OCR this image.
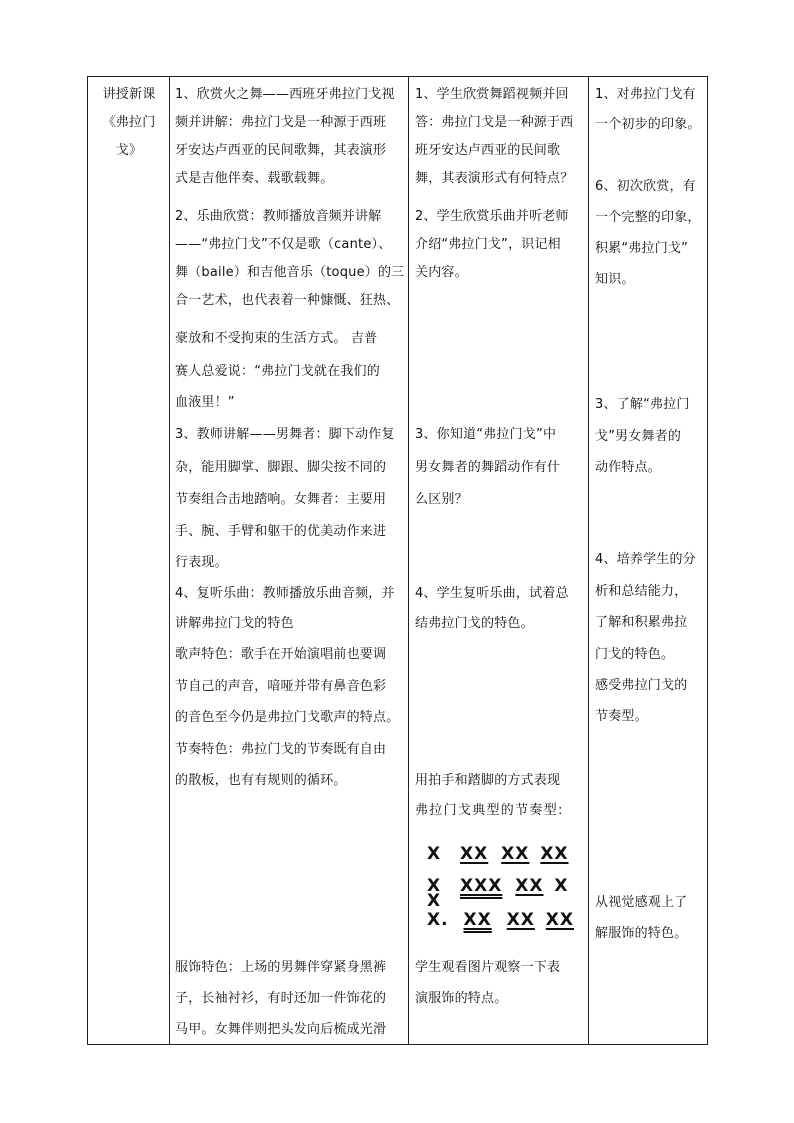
讲授新课
《弗拉门
戈》

1、欣赏火之舞——西班牙弗拉门戈视
频并讲解：弗拉门戈是一种源于西班
牙安达卢西亚的民间歌舞，其表演形
式是吉他伴奏、载歌载舞。
2、乐曲欣赏：教师播放音频并讲解
——“弗拉门戈”不仅是歌（cante）、
舞（baile）和吉他音乐（toque）的三
合一艺术，也代表着一种慷慨、狂热、
豪放和不受拘束的生活方式。 吉普
赛人总爱说：“弗拉门戈就在我们的
血液里！”
3、教师讲解——男舞者：脚下动作复
杂，能用脚掌、脚跟、脚尖按不同的
节奏组合击地踏响。女舞者：主要用
手、腕、手臂和躯干的优美动作来进
行表现。
4、复听乐曲：教师播放乐曲音频，并
讲解弗拉门戈的特色
歌声特色：歌手在开始演唱前也要调
节自己的声音，喑哑并带有鼻音色彩
的音色至今仍是弗拉门戈歌声的特点。
节奏特色：弗拉门戈的节奏既有自由
的散板，也有有规则的循环。
服饰特色：上场的男舞伴穿紧身黑裤
子，长袖衬衫，有时还加一件饰花的
马甲。女舞伴则把头发向后梳成光滑

1、学生欣赏舞蹈视频并回
答：弗拉门戈是一种源于西
班牙安达卢西亚的民间歌
舞，其表演形式有何特点？
2、学生欣赏乐曲并听老师
介绍“弗拉门戈”，识记相
关内容。
3、你知道“弗拉门戈”中
男女舞者的舞蹈动作有什
么区别？
4、学生复听乐曲，试着总
结弗拉门戈的特色。
用拍手和踏脚的方式表现
弗拉门戈典型的节奏型:
X XX XX XX
X XXX XX X
X
X. XX XX XX
学生观看图片观察一下表
演服饰的特点。

1、对弗拉门戈有
一个初步的印象。
6、初次欣赏，有
一个完整的印象，
积累“弗拉门戈”
知识。
3、了解“弗拉门
戈”男女舞者的
动作特点。
4、培养学生的分
析和总结能力，
了解和积累弗拉
门戈的特色。
感受弗拉门戈的
节奏型。
从视觉感观上了
解服饰的特色。
